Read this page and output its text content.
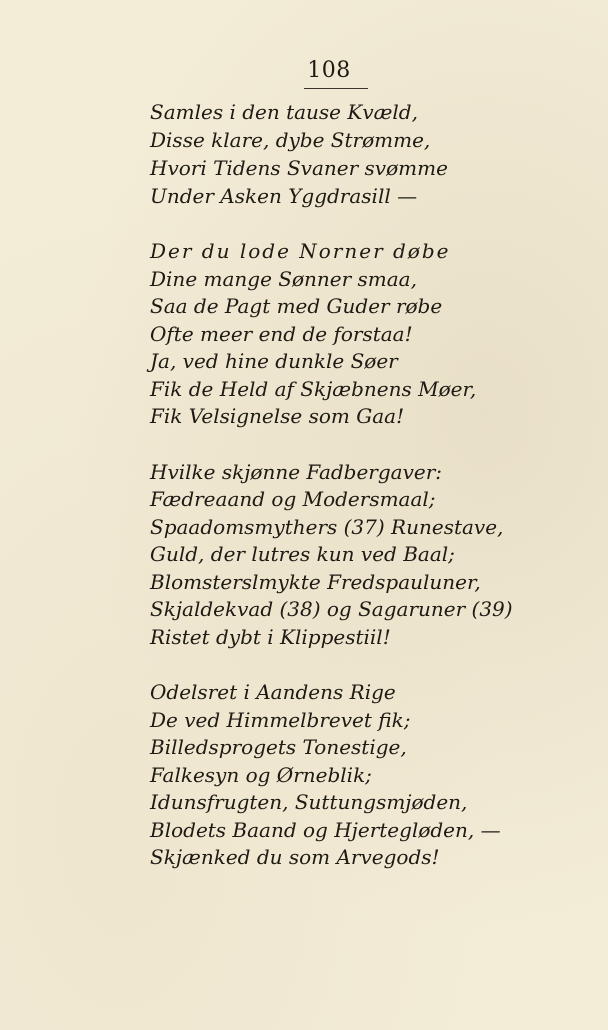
108
Samles i den tause Kvæld,
Disse klare, dybe Strømme,
Hvori Tidens Svaner svømme
Under Asken Yggdrasill —
Der du lode Norner døbe
Dine mange Sønner smaa,
Saa de Pagt med Guder røbe
Ofte meer end de forstaa!
Ja, ved hine dunkle Søer
Fik de Held af Skjæbnens Møer,
Fik Velsignelse som Gaa!
Hvilke skjønne Fadbergaver:
Fædreaand og Modersmaal;
Spaadomsmythers (37) Runestave,
Guld, der lutres kun ved Baal;
Blomsterslmykte Fredspauluner,
Skjaldekvad (38) og Sagaruner (39)
Ristet dybt i Klippestiil!
Odelsret i Aandens Rige
De ved Himmelbrevet fik;
Billedsprogets Tonestige,
Falkesyn og Ørneblik;
Idunsfrugten, Suttungsmjøden,
Blodets Baand og Hjertegløden, —
Skjænked du som Arvegods!
